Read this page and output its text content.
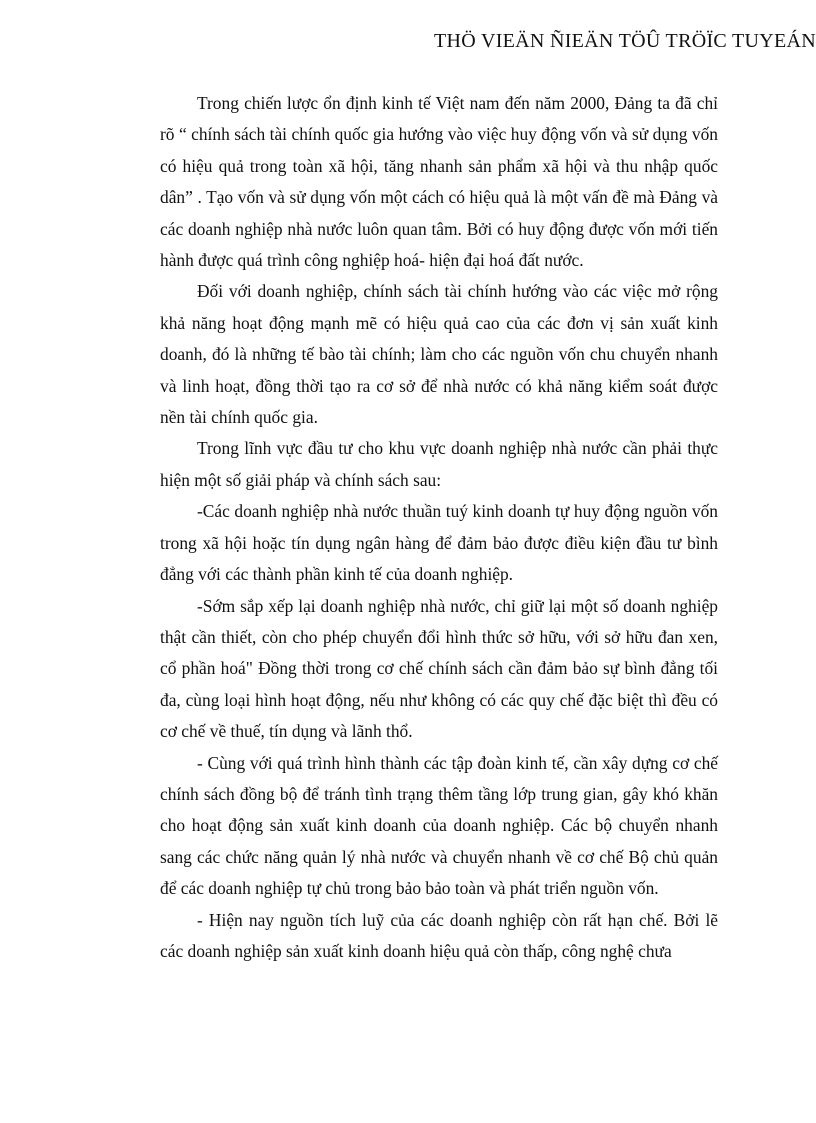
THÖ VIEÄN ÑIEÄN TÖÛ TRÖÏC TUYEÁN

Trong chiến lược ổn định kinh tế Việt nam đến năm 2000, Đảng ta đã chỉ rõ “ chính sách tài chính quốc gia hướng vào việc huy động vốn và sử dụng vốn có hiệu quả trong toàn xã hội, tăng nhanh sản phẩm xã hội và thu nhập quốc dân” . Tạo vốn và sử dụng vốn một cách có hiệu quả là một vấn đề mà Đảng và các doanh nghiệp nhà nước luôn quan tâm. Bởi có huy động được vốn mới tiến hành được quá trình công nghiệp hoá- hiện đại hoá đất nước.

Đối với doanh nghiệp, chính sách tài chính hướng vào các việc mở rộng khả năng hoạt động mạnh mẽ có hiệu quả cao của các đơn vị sản xuất kinh doanh, đó là những tế bào tài chính; làm cho các nguồn vốn chu chuyển nhanh và linh hoạt, đồng thời tạo ra cơ sở để nhà nước có khả năng kiểm soát được nền tài chính quốc gia.

Trong lĩnh vực đầu tư cho khu vực doanh nghiệp nhà nước cần phải thực hiện một số giải pháp và chính sách sau:

-Các doanh nghiệp nhà nước thuần tuý kinh doanh tự huy động nguồn vốn trong xã hội hoặc tín dụng ngân hàng để đảm bảo được điều kiện đầu tư bình đẳng với các thành phần kinh tế của doanh nghiệp.

-Sớm sắp xếp lại doanh nghiệp nhà nước, chỉ giữ lại một số doanh nghiệp thật cần thiết, còn cho phép chuyển đổi hình thức sở hữu, với sở hữu đan xen, cổ phần hoá" Đồng thời trong cơ chế chính sách cần đảm bảo sự bình đẳng tối đa, cùng loại hình hoạt động, nếu như không có các quy chế đặc biệt thì đều có cơ chế về thuế, tín dụng và lãnh thổ.

- Cùng với quá trình hình thành các tập đoàn kinh tế, cần xây dựng cơ chế chính sách đồng bộ để tránh tình trạng thêm tầng lớp trung gian, gây khó khăn cho hoạt động sản xuất kinh doanh của doanh nghiệp. Các bộ chuyển nhanh sang các chức năng quản lý nhà nước và chuyển nhanh về cơ chế Bộ chủ quản để các doanh nghiệp tự chủ trong bảo bảo toàn và phát triển nguồn vốn.

- Hiện nay nguồn tích luỹ của các doanh nghiệp còn rất hạn chế. Bởi lẽ các doanh nghiệp sản xuất kinh doanh hiệu quả còn thấp, công nghệ chưa
